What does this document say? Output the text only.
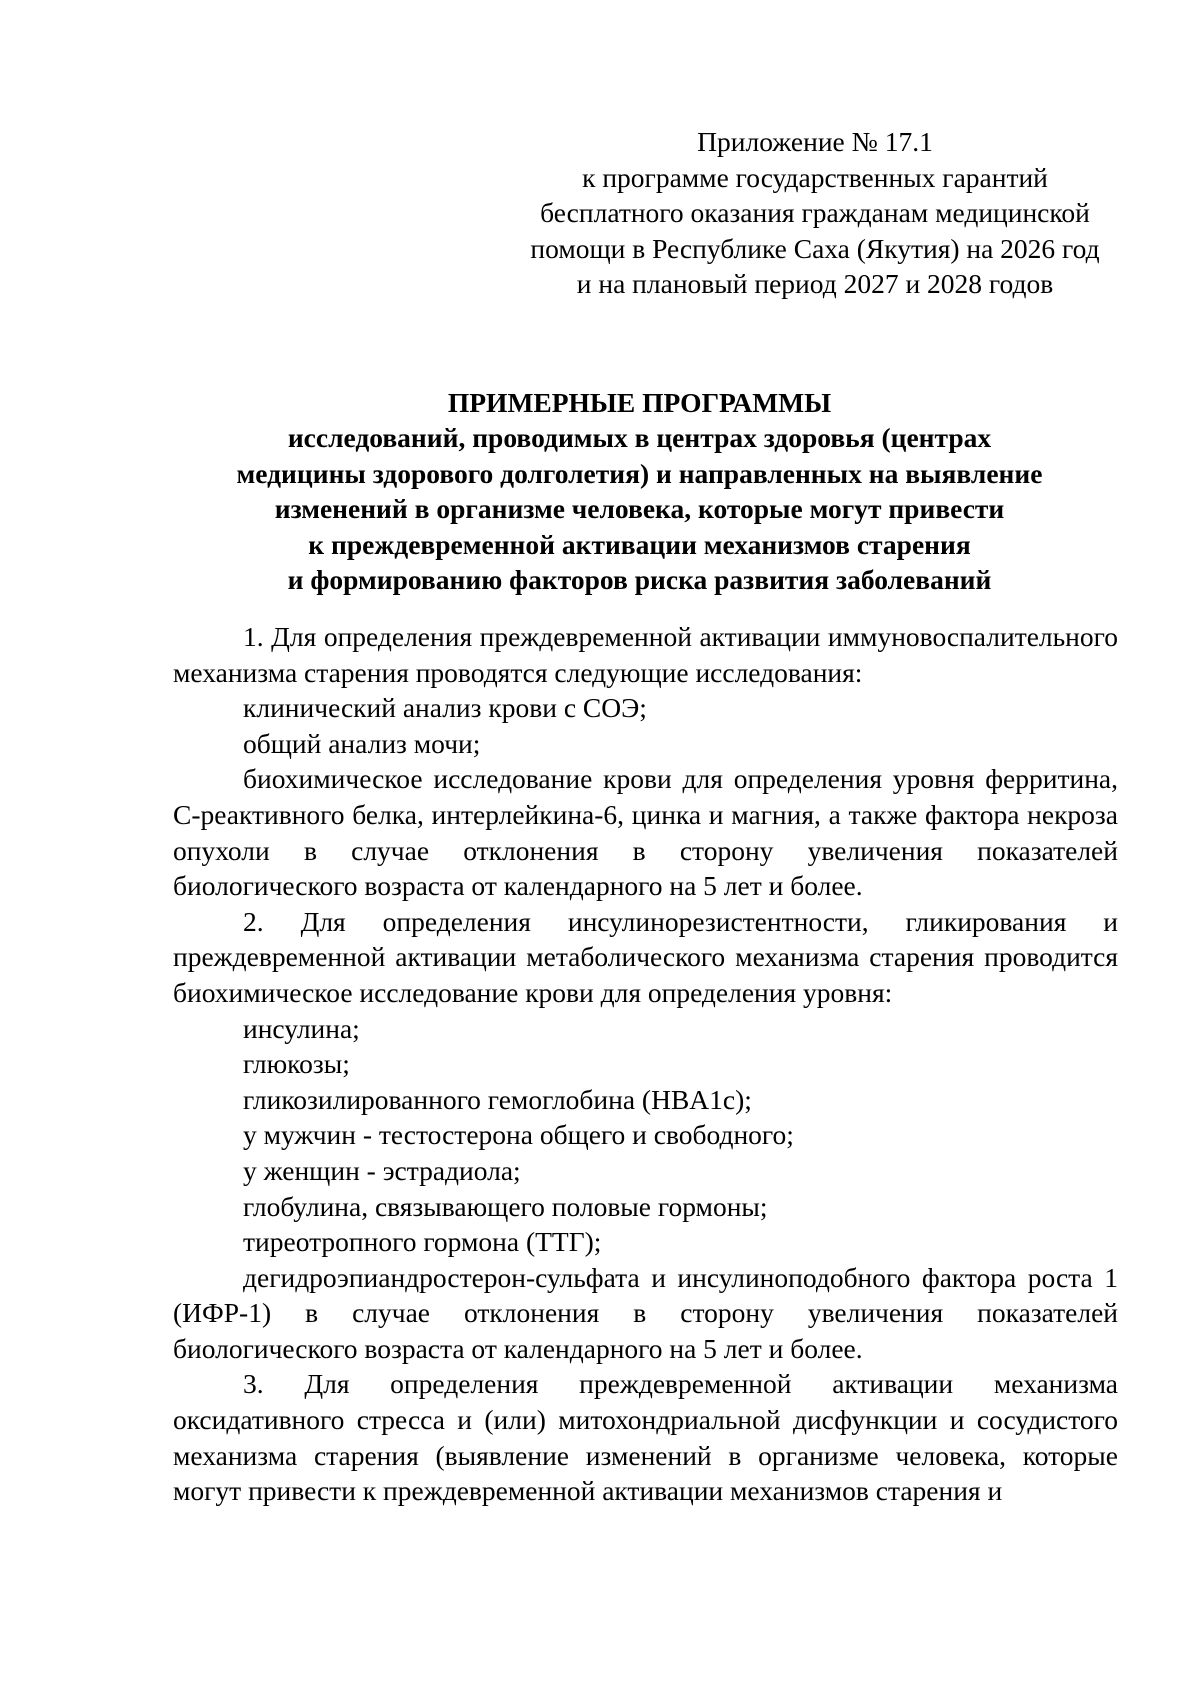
Приложение № 17.1
к программе государственных гарантий
бесплатного оказания гражданам медицинской
помощи в Республике Саха (Якутия) на 2026 год
и на плановый период 2027 и 2028 годов
ПРИМЕРНЫЕ ПРОГРАММЫ
исследований, проводимых в центрах здоровья (центрах
медицины здорового долголетия) и направленных на выявление
изменений в организме человека, которые могут привести
к преждевременной активации механизмов старения
и формированию факторов риска развития заболеваний

1. Для определения преждевременной активации иммуновоспалительного механизма старения проводятся следующие исследования:

клинический анализ крови с СОЭ;

общий анализ мочи;

биохимическое исследование крови для определения уровня ферритина, С-реактивного белка, интерлейкина-6, цинка и магния, а также фактора некроза опухоли в случае отклонения в сторону увеличения показателей биологического возраста от календарного на 5 лет и более.

2. Для определения инсулинорезистентности, гликирования и преждевременной активации метаболического механизма старения проводится биохимическое исследование крови для определения уровня:

инсулина;

глюкозы;

гликозилированного гемоглобина (HBA1c);

у мужчин - тестостерона общего и свободного;

у женщин - эстрадиола;

глобулина, связывающего половые гормоны;

тиреотропного гормона (ТТГ);

дегидроэпиандростерон-сульфата и инсулиноподобного фактора роста 1 (ИФР-1) в случае отклонения в сторону увеличения показателей биологического возраста от календарного на 5 лет и более.

3. Для определения преждевременной активации механизма оксидативного стресса и (или) митохондриальной дисфункции и сосудистого механизма старения (выявление изменений в организме человека, которые могут привести к преждевременной активации механизмов старения и
